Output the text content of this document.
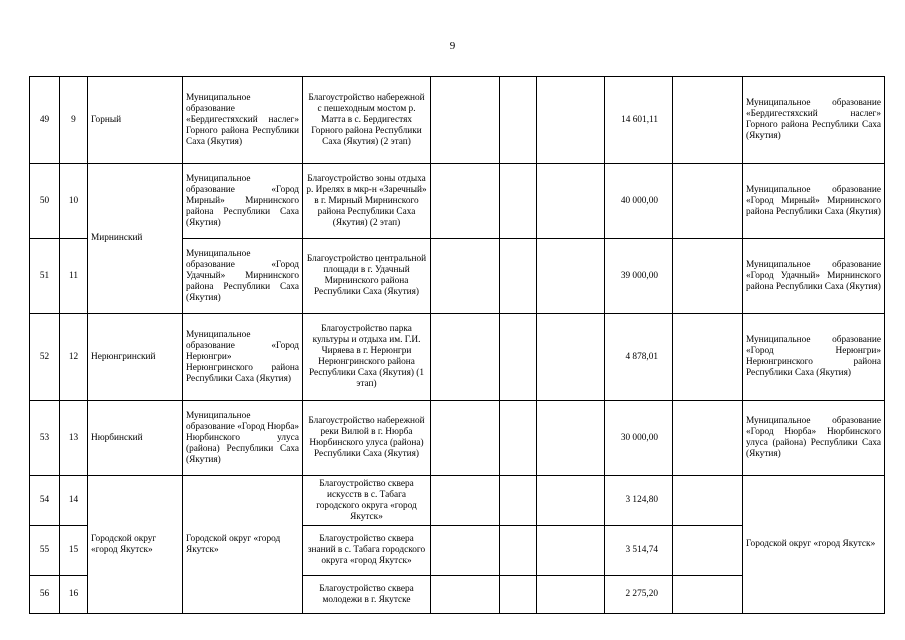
9
49	9	Горный	Муниципальное образование «Бердигестяхский наслег» Горного района Республики Саха (Якутия)	Благоустройство набережной с пешеходным мостом р. Матта в с. Бердигестях Горного района Республики Саха (Якутия) (2 этап)				14 601,11		Муниципальное образование «Бердигестяхский наслег» Горного района Республики Саха (Якутия)
50	10	Мирнинский	Муниципальное образование «Город Мирный» Мирнинского района Республики Саха (Якутия)	Благоустройство зоны отдыха р. Ирелях в мкр-н «Заречный» в г. Мирный Мирнинского района Республики Саха (Якутия) (2 этап)				40 000,00		Муниципальное образование «Город Мирный» Мирнинского района Республики Саха (Якутия)
51	11		Муниципальное образование «Город Удачный» Мирнинского района Республики Саха (Якутия)	Благоустройство центральной площади в г. Удачный Мирнинского района Республики Саха (Якутия)				39 000,00		Муниципальное образование «Город Удачный» Мирнинского района Республики Саха (Якутия)
52	12	Нерюнгринский	Муниципальное образование «Город Нерюнгри» Нерюнгринского района Республики Саха (Якутия)	Благоустройство парка культуры и отдыха им. Г.И. Чиряева в г. Нерюнгри Нерюнгринского района Республики Саха (Якутия) (1 этап)				4 878,01		Муниципальное образование «Город Нерюнгри» Нерюнгринского района Республики Саха (Якутия)
53	13	Нюрбинский	Муниципальное образование «Город Нюрба» Нюрбинского улуса (района) Республики Саха (Якутия)	Благоустройство набережной реки Вилюй в г. Нюрба Нюрбинского улуса (района) Республики Саха (Якутия)				30 000,00		Муниципальное образование «Город Нюрба» Нюрбинского улуса (района) Республики Саха (Якутия)
54	14	Городской округ «город Якутск»	Городской округ «город Якутск»	Благоустройство сквера искусств в с. Табага городского округа «город Якутск»				3 124,80		Городской округ «город Якутск»
55	15			Благоустройство сквера знаний в с. Табага городского округа «город Якутск»				3 514,74		
56	16			Благоустройство сквера молодежи в г. Якутске				2 275,20		
